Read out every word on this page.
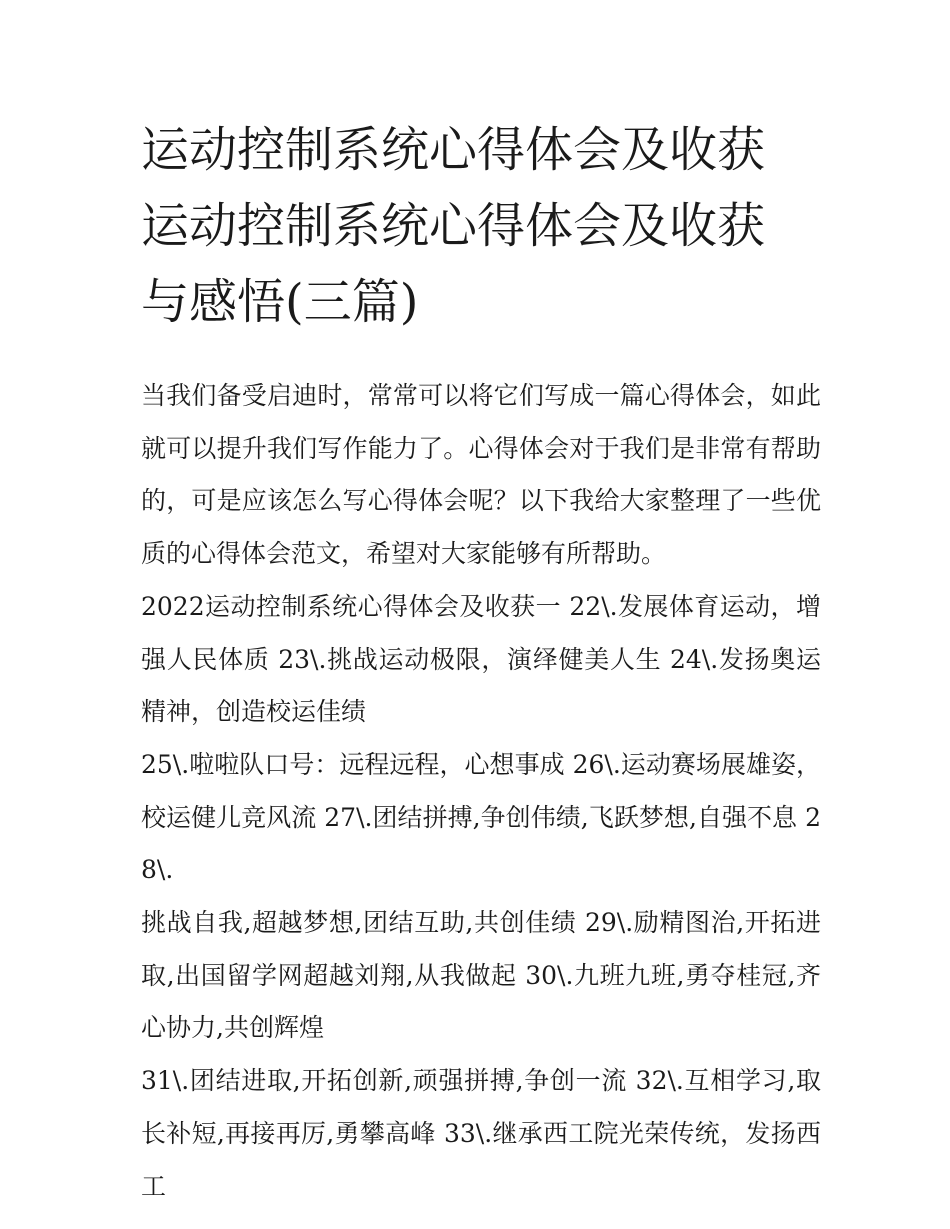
运动控制系统心得体会及收获
运动控制系统心得体会及收获
与感悟(三篇)

当我们备受启迪时，常常可以将它们写成一篇心得体会，如此就可以提升我们写作能力了。心得体会对于我们是非常有帮助的，可是应该怎么写心得体会呢？以下我给大家整理了一些优质的心得体会范文，希望对大家能够有所帮助。

2022运动控制系统心得体会及收获一 22\.发展体育运动，增强人民体质 23\.挑战运动极限，演绎健美人生 24\.发扬奥运精神，创造校运佳绩

25\.啦啦队口号：远程远程，心想事成 26\.运动赛场展雄姿，校运健儿竞风流 27\.团结拼搏,争创伟绩,飞跃梦想,自强不息 28\.

挑战自我,超越梦想,团结互助,共创佳绩 29\.励精图治,开拓进取,出国留学网超越刘翔,从我做起 30\.九班九班,勇夺桂冠,齐心协力,共创辉煌

31\.团结进取,开拓创新,顽强拼搏,争创一流 32\.互相学习,取长补短,再接再厉,勇攀高峰 33\.继承西工院光荣传统，发扬西工
